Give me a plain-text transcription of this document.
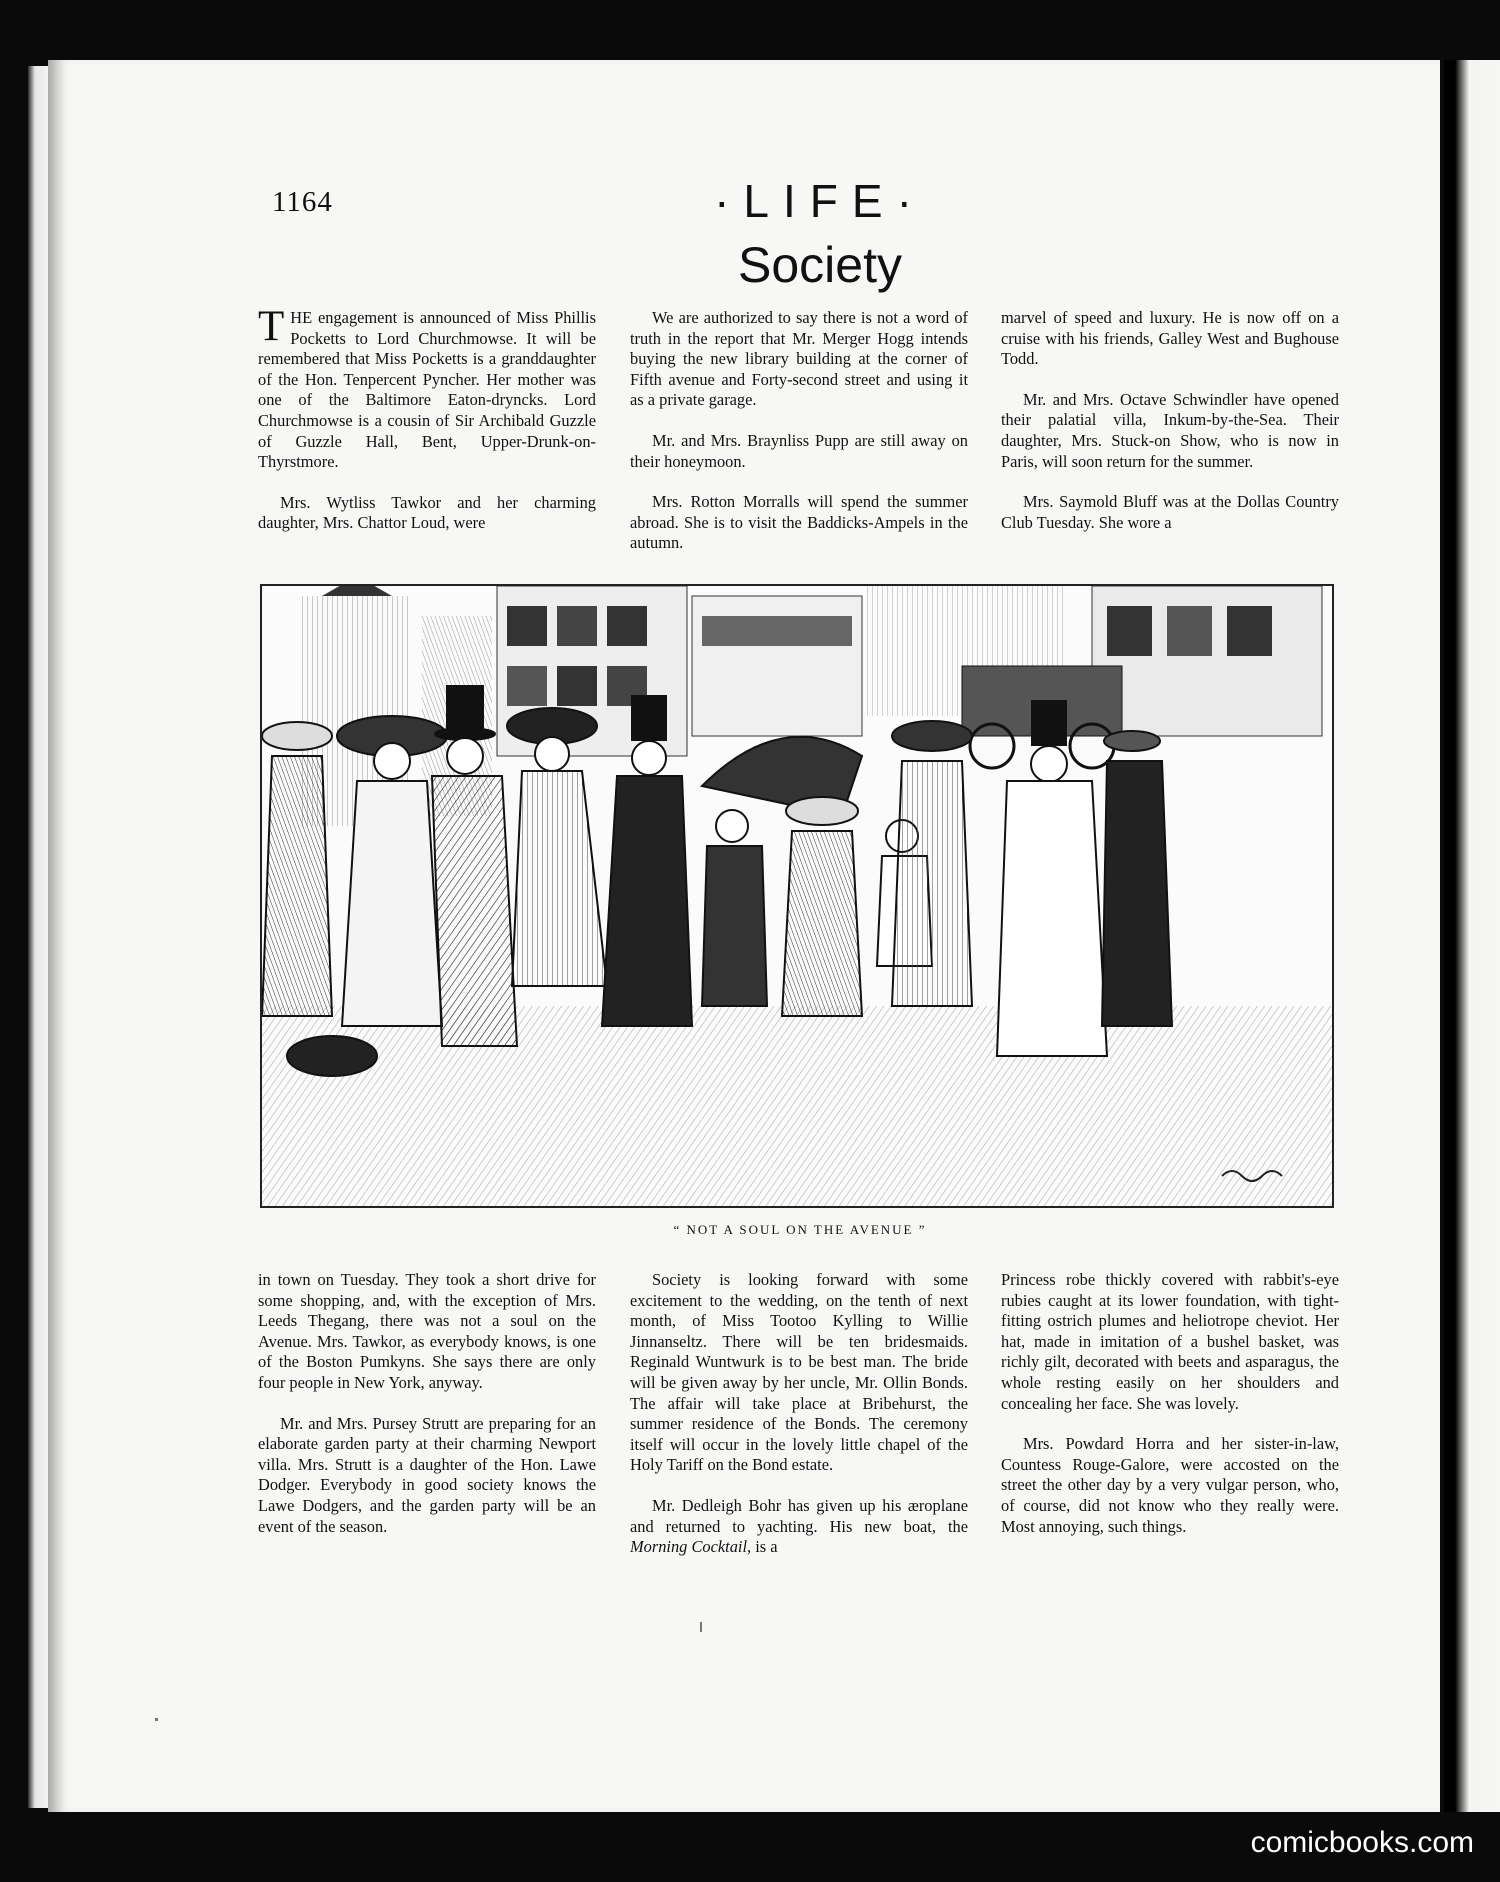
1164	·LIFE·
Society

THE engagement is announced of Miss Phillis Pocketts to Lord Churchmowse. It will be remembered that Miss Pocketts is a granddaughter of the Hon. Tenpercent Pyncher. Her mother was one of the Baltimore Eaton-dryncks. Lord Churchmowse is a cousin of Sir Archibald Guzzle of Guzzle Hall, Bent, Upper-Drunk-on-Thyrstmore.

Mrs. Wytliss Tawkor and her charming daughter, Mrs. Chattor Loud, were

We are authorized to say there is not a word of truth in the report that Mr. Merger Hogg intends buying the new library building at the corner of Fifth avenue and Forty-second street and using it as a private garage.

Mr. and Mrs. Braynliss Pupp are still away on their honeymoon.

Mrs. Rotton Morralls will spend the summer abroad. She is to visit the Baddicks-Ampels in the autumn.

marvel of speed and luxury. He is now off on a cruise with his friends, Galley West and Bughouse Todd.

Mr. and Mrs. Octave Schwindler have opened their palatial villa, Inkum-by-the-Sea. Their daughter, Mrs. Stuck-on Show, who is now in Paris, will soon return for the summer.

Mrs. Saymold Bluff was at the Dollas Country Club Tuesday. She wore a

“ NOT A SOUL ON THE AVENUE ”

in town on Tuesday. They took a short drive for some shopping, and, with the exception of Mrs. Leeds Thegang, there was not a soul on the Avenue. Mrs. Tawkor, as everybody knows, is one of the Boston Pumkyns. She says there are only four people in New York, anyway.

Mr. and Mrs. Pursey Strutt are preparing for an elaborate garden party at their charming Newport villa. Mrs. Strutt is a daughter of the Hon. Lawe Dodger. Everybody in good society knows the Lawe Dodgers, and the garden party will be an event of the season.

Society is looking forward with some excitement to the wedding, on the tenth of next month, of Miss Tootoo Kylling to Willie Jinnanseltz. There will be ten bridesmaids. Reginald Wuntwurk is to be best man. The bride will be given away by her uncle, Mr. Ollin Bonds. The affair will take place at Bribehurst, the summer residence of the Bonds. The ceremony itself will occur in the lovely little chapel of the Holy Tariff on the Bond estate.

Mr. Dedleigh Bohr has given up his æroplane and returned to yachting. His new boat, the Morning Cocktail, is a

Princess robe thickly covered with rabbit's-eye rubies caught at its lower foundation, with tight-fitting ostrich plumes and heliotrope cheviot. Her hat, made in imitation of a bushel basket, was richly gilt, decorated with beets and asparagus, the whole resting easily on her shoulders and concealing her face. She was lovely.

Mrs. Powdard Horra and her sister-in-law, Countess Rouge-Galore, were accosted on the street the other day by a very vulgar person, who, of course, did not know who they really were. Most annoying, such things.

comicbooks.com
